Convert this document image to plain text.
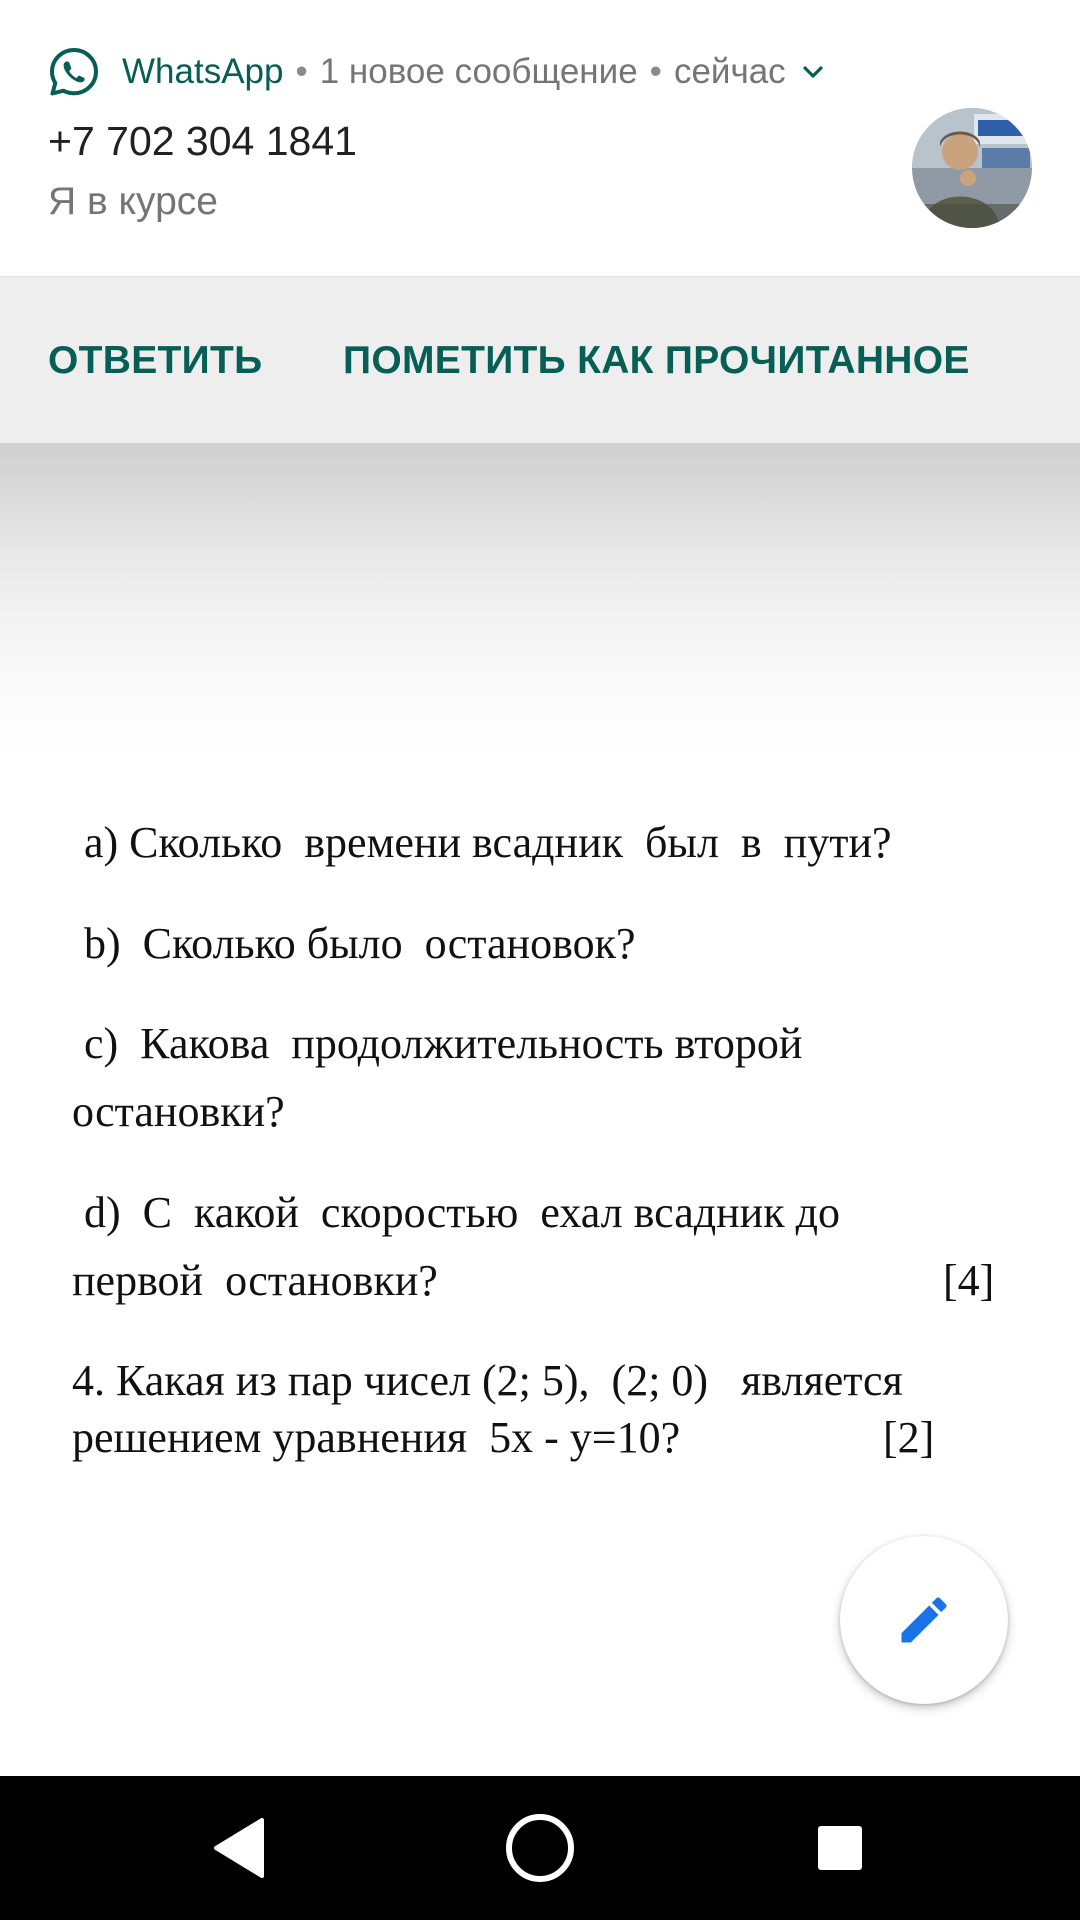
a) Сколько  времени всадник  был  в  пути?
b)  Сколько было  остановок?
c)  Какова  продолжительность второй
остановки?
d)  С  какой  скоростью  ехал всадник до
первой  остановки?	[4]
4. Какая из пар чисел (2; 5),  (2; 0)   является
решением уравнения  5x - y=10?	[2]
WhatsApp • 1 новое сообщение • сейчас
+7 702 304 1841
Я в курсе
ОТВЕТИТЬ ПОМЕТИТЬ КАК ПРОЧИТАННОЕ
